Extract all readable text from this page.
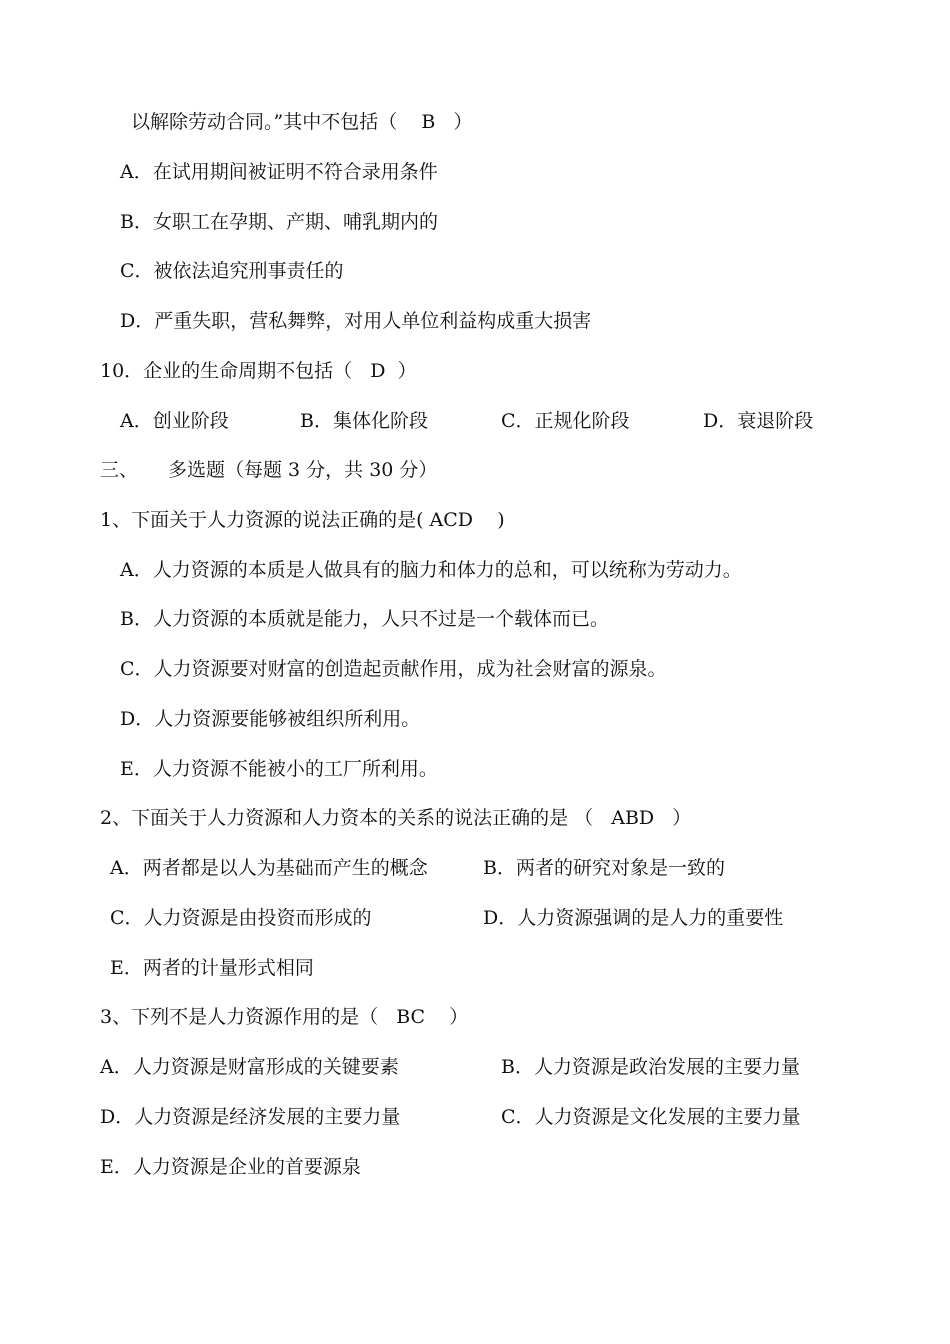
以解除劳动合同。”其中不包括（    B   ）

A．在试用期间被证明不符合录用条件

B．女职工在孕期、产期、哺乳期内的

C．被依法追究刑事责任的

D．严重失职，营私舞弊，对用人单位利益构成重大损害

10．企业的生命周期不包括（   D  ）

A．创业阶段

	B．集体化阶段

	C．正规化阶段

	D．衰退阶段

三、

多选题（每题 3 分，共 30 分）

1、下面关于人力资源的说法正确的是( ACD    )

A．人力资源的本质是人做具有的脑力和体力的总和，可以统称为劳动力。

B．人力资源的本质就是能力，人只不过是一个载体而已。

C．人力资源要对财富的创造起贡献作用，成为社会财富的源泉。

D．人力资源要能够被组织所利用。

E．人力资源不能被小的工厂所利用。

2、下面关于人力资源和人力资本的关系的说法正确的是 （   ABD   ）

A．两者都是以人为基础而产生的概念

	B．两者的研究对象是一致的

C．人力资源是由投资而形成的

	D．人力资源强调的是人力的重要性

E．两者的计量形式相同

3、下列不是人力资源作用的是（   BC    ）

A．人力资源是财富形成的关键要素

	B．人力资源是政治发展的主要力量

D．人力资源是经济发展的主要力量

	C．人力资源是文化发展的主要力量

E．人力资源是企业的首要源泉
